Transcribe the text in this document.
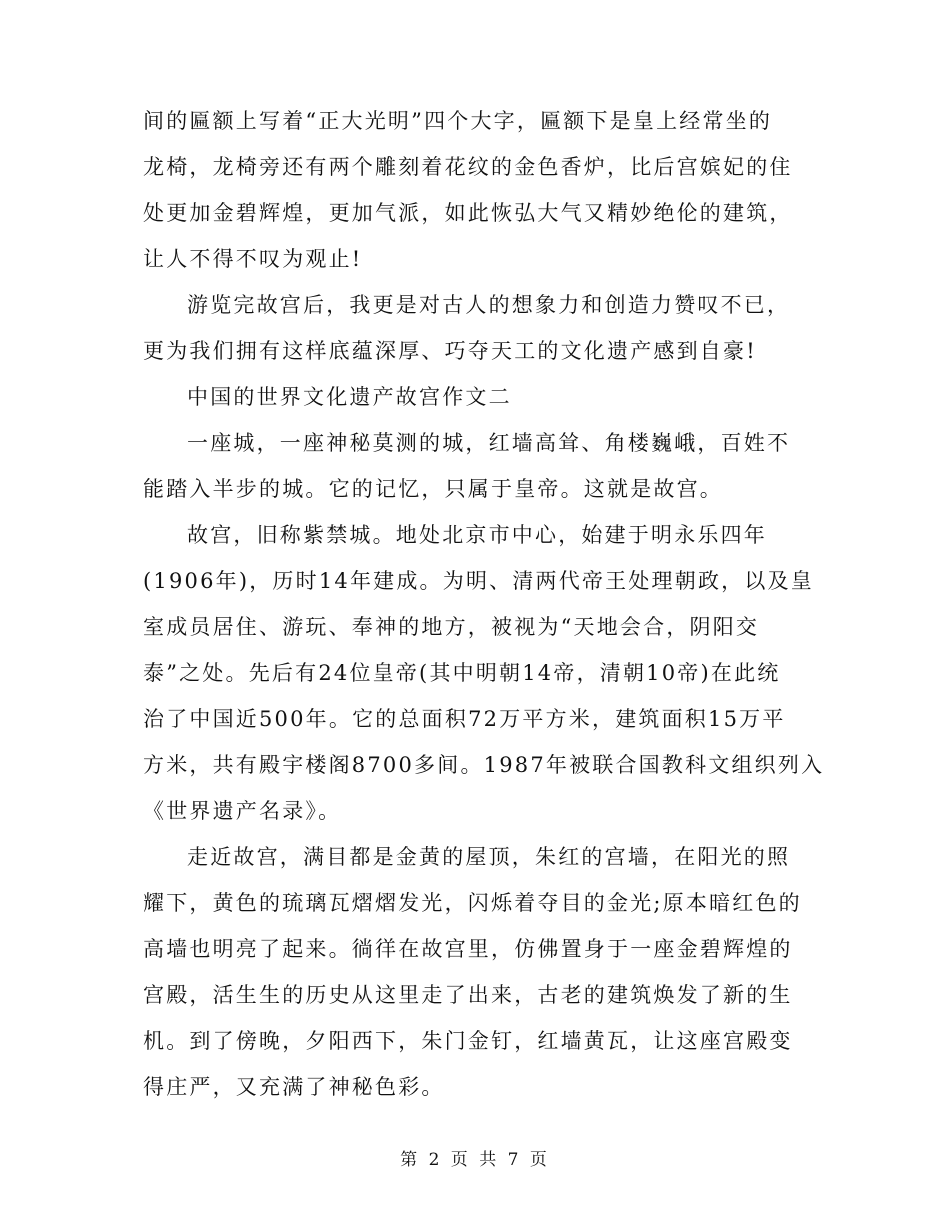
间的匾额上写着“正大光明”四个大字，匾额下是皇上经常坐的
龙椅，龙椅旁还有两个雕刻着花纹的金色香炉，比后宫嫔妃的住
处更加金碧辉煌，更加气派，如此恢弘大气又精妙绝伦的建筑，
让人不得不叹为观止!
游览完故宫后，我更是对古人的想象力和创造力赞叹不已，
更为我们拥有这样底蕴深厚、巧夺天工的文化遗产感到自豪!
中国的世界文化遗产故宫作文二
一座城，一座神秘莫测的城，红墙高耸、角楼巍峨，百姓不
能踏入半步的城。它的记忆，只属于皇帝。这就是故宫。
故宫，旧称紫禁城。地处北京市中心，始建于明永乐四年
(1906年)，历时14年建成。为明、清两代帝王处理朝政，以及皇
室成员居住、游玩、奉神的地方，被视为“天地会合，阴阳交
泰”之处。先后有24位皇帝(其中明朝14帝，清朝10帝)在此统
治了中国近500年。它的总面积72万平方米，建筑面积15万平
方米，共有殿宇楼阁8700多间。1987年被联合国教科文组织列入
《世界遗产名录》。
走近故宫，满目都是金黄的屋顶，朱红的宫墙，在阳光的照
耀下，黄色的琉璃瓦熠熠发光，闪烁着夺目的金光;原本暗红色的
高墙也明亮了起来。徜徉在故宫里，仿佛置身于一座金碧辉煌的
宫殿，活生生的历史从这里走了出来，古老的建筑焕发了新的生
机。到了傍晚，夕阳西下，朱门金钉，红墙黄瓦，让这座宫殿变
得庄严，又充满了神秘色彩。
第 2 页 共 7 页
